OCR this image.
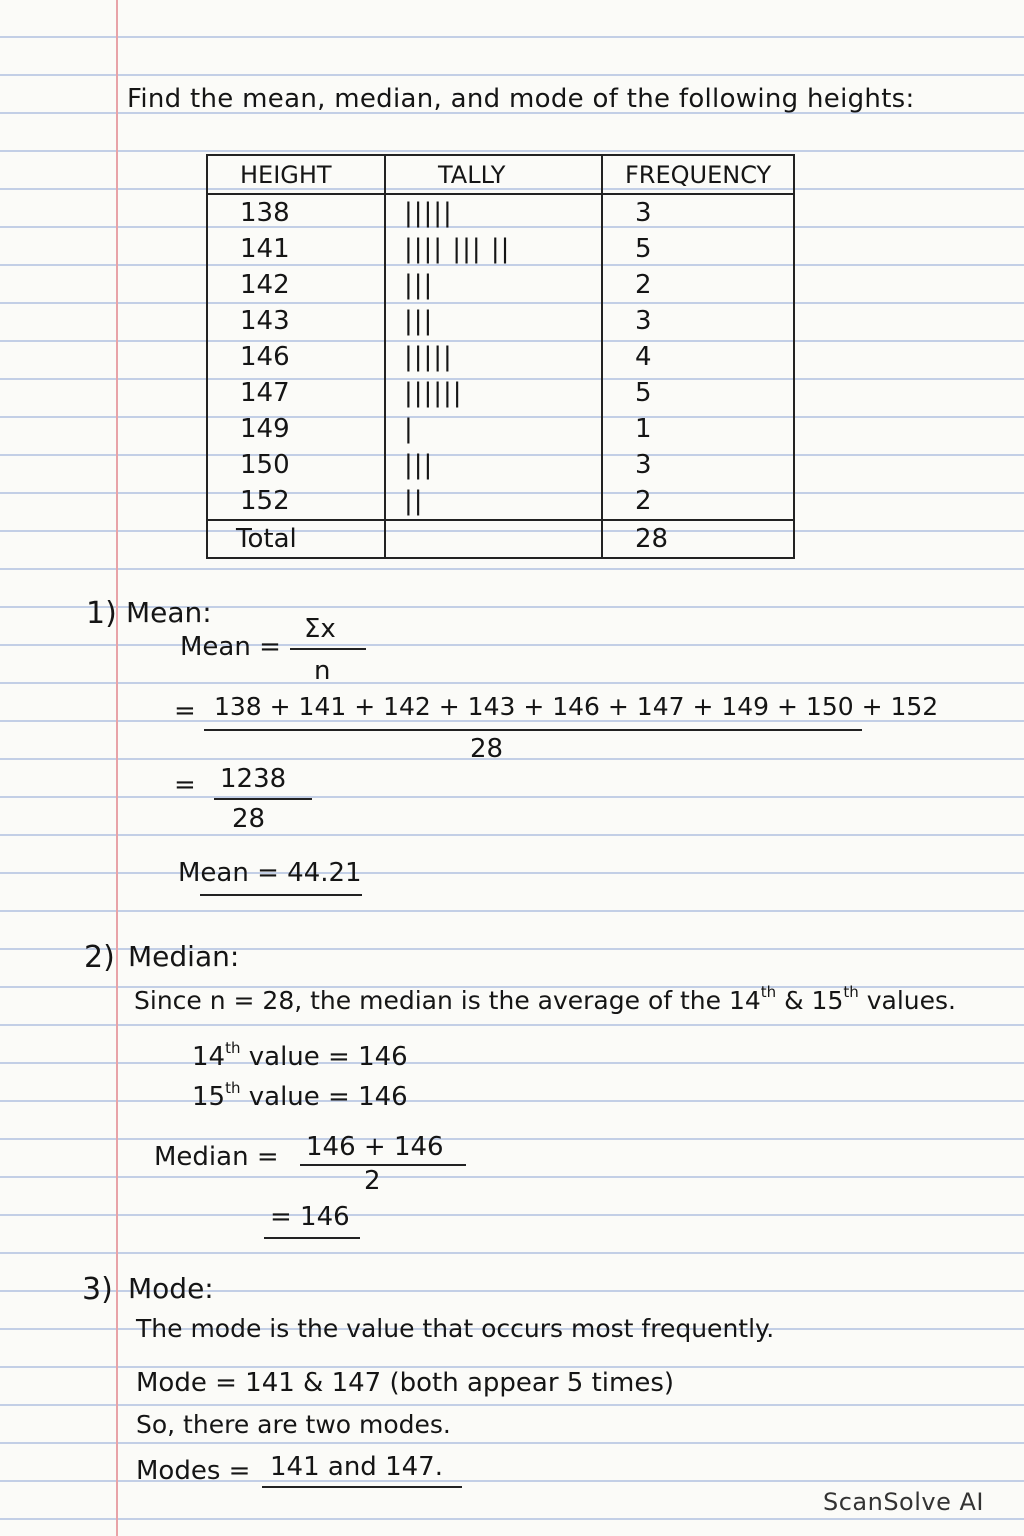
Find the mean, median, and mode of the following heights:
HEIGHT	TALLY	FREQUENCY
138	|||||	3
141	|||| ||| ||	5
142	|||	2
143	|||	3
146	|||||	4
147	||||||	5
149	|	1
150	|||	3
152	||	2
Total		28
1) Mean:
Mean =
Σx
n
= 138 + 141 + 142 + 143 + 146 + 147 + 149 + 150 + 152
28
= 1238
28
Mean = 44.21
2) Median:
Since n = 28, the median is the average of the 14th & 15th values.
14th value = 146
15th value = 146
Median = 146 + 146
2
= 146
3) Mode:
The mode is the value that occurs most frequently.
Mode = 141 & 147 (both appear 5 times)
So, there are two modes.
Modes = 141 and 147.
ScanSolve AI
